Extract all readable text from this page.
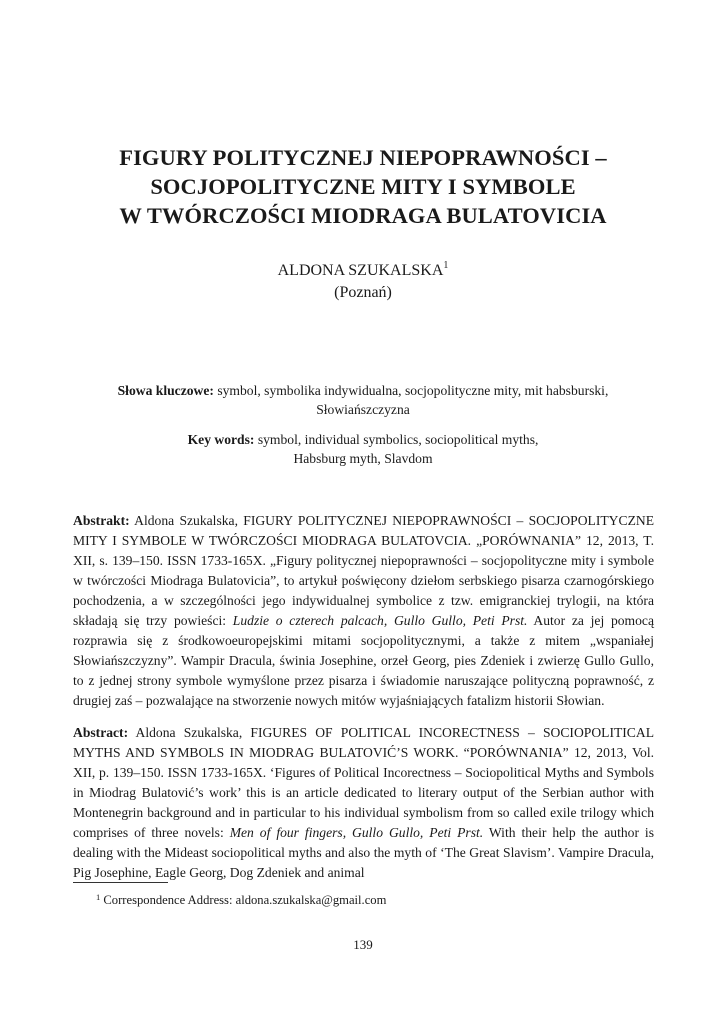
FIGURY POLITYCZNEJ NIEPOPRAWNOŚCI –
SOCJOPOLITYCZNE MITY I SYMBOLE
W TWÓRCZOŚCI MIODRAGA BULATOVICIA
ALDONA SZUKALSKA$^1$
(Poznań)
Słowa kluczowe: symbol, symbolika indywidualna, socjopolityczne mity, mit habsburski,
Słowiańszczyzna
Key words: symbol, individual symbolics, sociopolitical myths,
Habsburg myth, Slavdom
Abstrakt: Aldona Szukalska, FIGURY POLITYCZNEJ NIEPOPRAWNOŚCI – SOCJOPOLITYCZNE MITY I SYMBOLE W TWÓRCZOŚCI MIODRAGA BULATOVCIA. „PORÓWNANIA” 12, 2013, T. XII, s. 139–150. ISSN 1733-165X. „Figury politycznej niepoprawności – socjopolityczne mity i symbole w twórczości Miodraga Bulatovicia”, to artykuł poświęcony dziełom serbskiego pisarza czarnogórskiego pochodzenia, a w szczególności jego indywidualnej symbolice z tzw. emigranckiej trylogii, na która składają się trzy powieści: Ludzie o czterech palcach, Gullo Gullo, Peti Prst. Autor za jej pomocą rozprawia się z środkowoeuropejskimi mitami socjopolitycznymi, a także z mitem „wspaniałej Słowiańszczyzny”. Wampir Dracula, świnia Josephine, orzeł Georg, pies Zdeniek i zwierzę Gullo Gullo, to z jednej strony symbole wymyślone przez pisarza i świadomie naruszające polityczną poprawność, z drugiej zaś – pozwalające na stworzenie nowych mitów wyjaśniających fatalizm historii Słowian.
Abstract: Aldona Szukalska, FIGURES OF POLITICAL INCORECTNESS – SOCIOPOLITICAL MYTHS AND SYMBOLS IN MIODRAG BULATOVIĆ’S WORK. “PORÓWNANIA” 12, 2013, Vol. XII, p. 139–150. ISSN 1733-165X. ‘Figures of Political Incorectness – Sociopolitical Myths and Symbols in Miodrag Bulatović’s work’ this is an article dedicated to literary output of the Serbian author with Montenegrin background and in particular to his individual symbolism from so called exile trilogy which comprises of three novels: Men of four fingers, Gullo Gullo, Peti Prst. With their help the author is dealing with the Mideast sociopolitical myths and also the myth of ‘The Great Slavism’. Vampire Dracula, Pig Josephine, Eagle Georg, Dog Zdeniek and animal
$^1$ Correspondence Address: aldona.szukalska@gmail.com
139
